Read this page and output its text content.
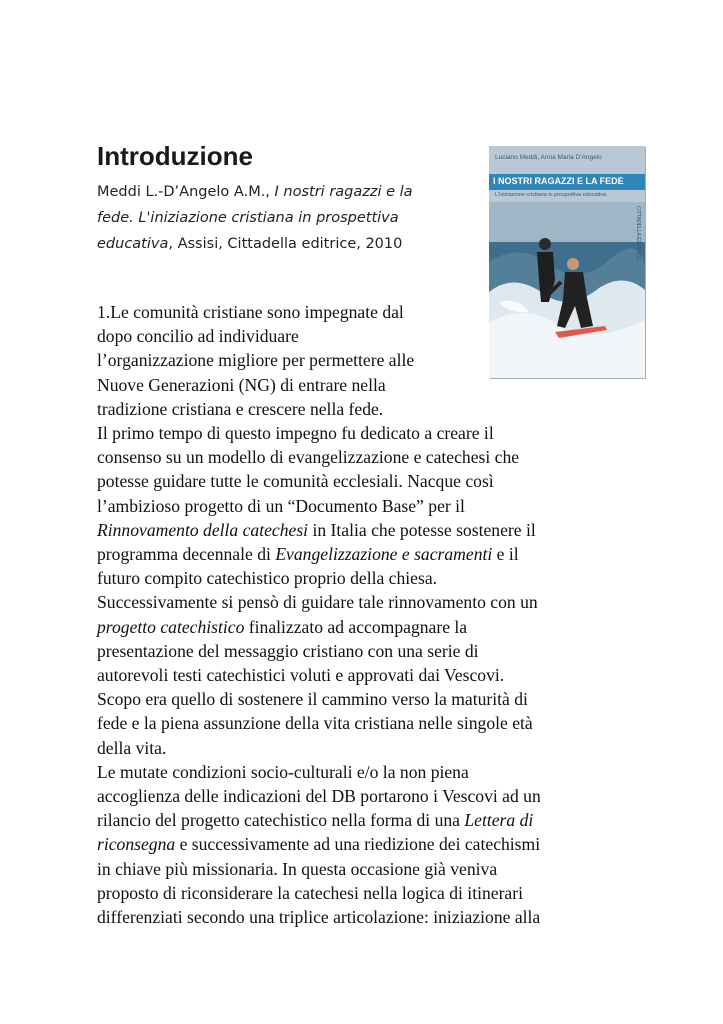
Introduzione
Meddi L.-D’Angelo A.M., I nostri ragazzi e la
fede. L'iniziazione cristiana in prospettiva
educativa, Assisi, Cittadella editrice, 2010
Luciano Meddi, Anna Maria D'Angelo
I NOSTRI RAGAZZI E LA FEDE
L'iniziazione cristiana in prospettiva educativa
CITTADELLA EDITRICE
1.Le comunità cristiane sono impegnate dal
dopo concilio ad individuare
l’organizzazione migliore per permettere alle
Nuove Generazioni (NG) di entrare nella
tradizione cristiana e crescere nella fede.
Il primo tempo di questo impegno fu dedicato a creare il
consenso su un modello di evangelizzazione e catechesi che
potesse guidare tutte le comunità ecclesiali. Nacque così
l’ambizioso progetto di un “Documento Base” per il
Rinnovamento della catechesi in Italia che potesse sostenere il
programma decennale di Evangelizzazione e sacramenti e il
futuro compito catechistico proprio della chiesa.
Successivamente si pensò di guidare tale rinnovamento con un
progetto catechistico finalizzato ad accompagnare la
presentazione del messaggio cristiano con una serie di
autorevoli testi catechistici voluti e approvati dai Vescovi.
Scopo era quello di sostenere il cammino verso la maturità di
fede e la piena assunzione della vita cristiana nelle singole età
della vita.
Le mutate condizioni socio-culturali e/o la non piena
accoglienza delle indicazioni del DB portarono i Vescovi ad un
rilancio del progetto catechistico nella forma di una Lettera di
riconsegna e successivamente ad una riedizione dei catechismi
in chiave più missionaria. In questa occasione già veniva
proposto di riconsiderare la catechesi nella logica di itinerari
differenziati secondo una triplice articolazione: iniziazione alla
